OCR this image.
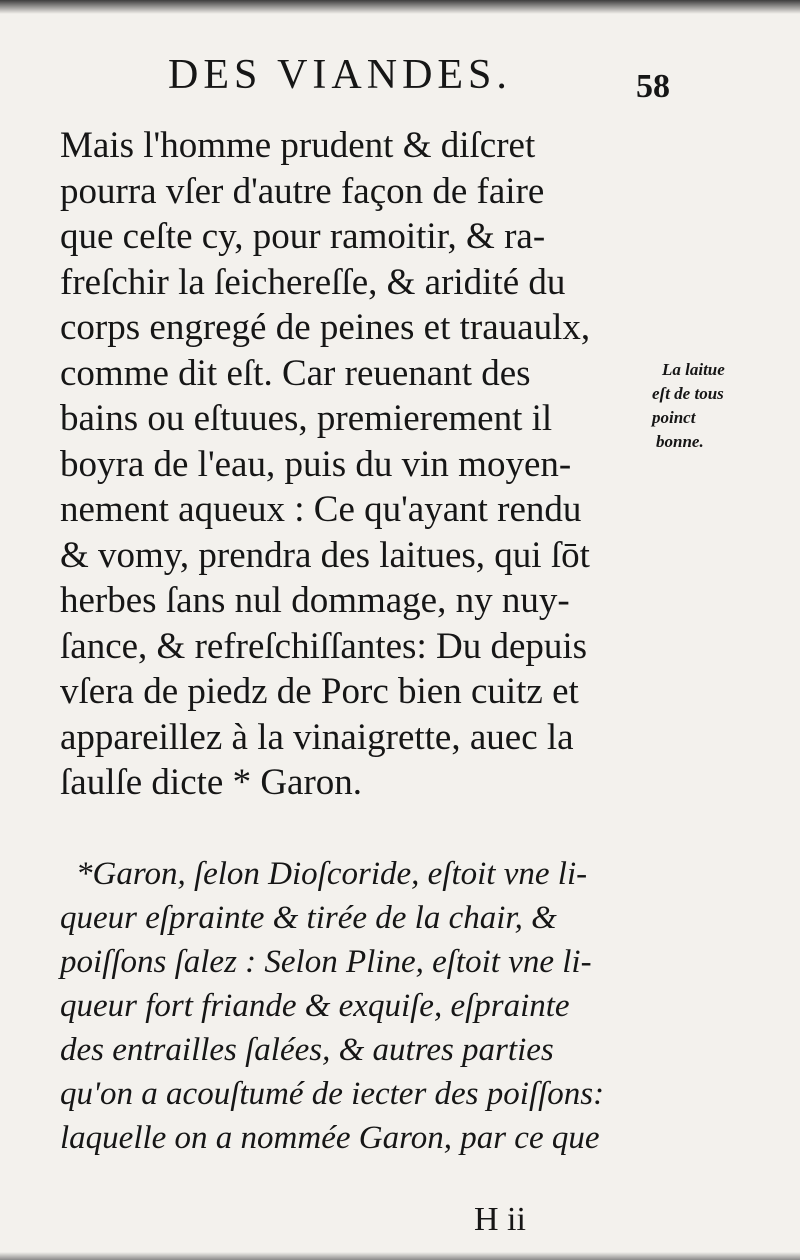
DES VIANDES.	58
Mais l'homme prudent & diſcret
pourra vſer d'autre façon de faire
que ceſte cy, pour ramoitir, & ra-
freſchir la ſeichereſſe, & aridité du
corps engregé de peines et trauaulx,
comme dit eſt. Car reuenant des
bains ou eſtuues, premierement il
boyra de l'eau, puis du vin moyen-
nement aqueux : Ce qu'ayant rendu
& vomy, prendra des laitues, qui ſōt
herbes ſans nul dommage, ny nuy-
ſance, & refreſchiſſantes: Du depuis
vſera de piedz de Porc bien cuitz et
appareillez à la vinaigrette, auec la
ſaulſe dicte * Garon.
La laitue
eſt de tous
poinct
bonne.
*Garon, ſelon Dioſcoride, eſtoit vne li-
queur eſprainte & tirée de la chair, &
poiſſons ſalez : Selon Pline, eſtoit vne li-
queur fort friande & exquiſe, eſprainte
des entrailles ſalées, & autres parties
qu'on a acouſtumé de iecter des poiſſons:
laquelle on a nommée Garon, par ce que
H ii
